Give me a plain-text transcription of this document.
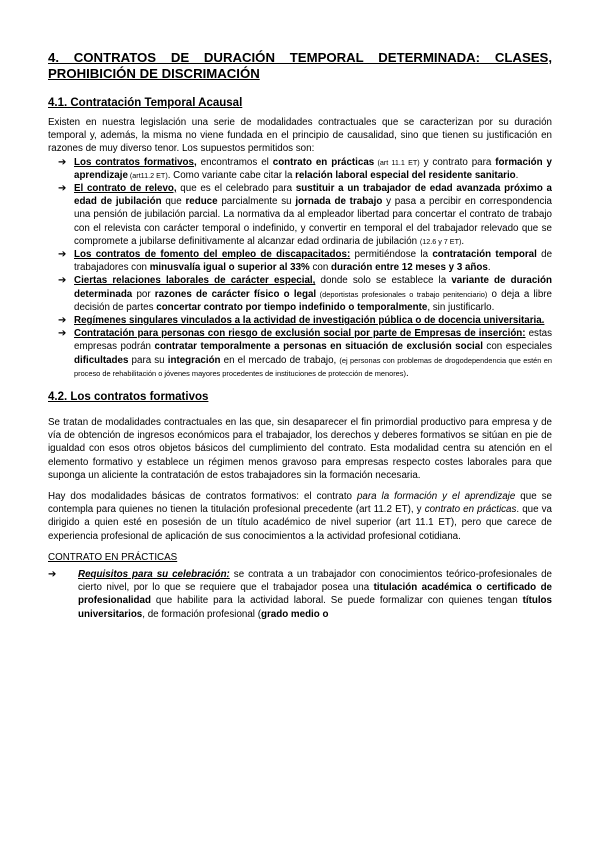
4. CONTRATOS DE DURACIÓN TEMPORAL DETERMINADA: CLASES, PROHIBICIÓN DE DISCRIMACIÓN
4.1. Contratación Temporal Acausal
Existen en nuestra legislación una serie de modalidades contractuales que se caracterizan por su duración temporal y, además, la misma no viene fundada en el principio de causalidad, sino que tienen su justificación en razones de muy diverso tenor. Los supuestos permitidos son:
➔ Los contratos formativos, encontramos el contrato en prácticas (art 11.1 ET) y contrato para formación y aprendizaje (art11.2 ET). Como variante cabe citar la relación laboral especial del residente sanitario.
➔ El contrato de relevo, que es el celebrado para sustituir a un trabajador de edad avanzada próximo a edad de jubilación que reduce parcialmente su jornada de trabajo y pasa a percibir en correspondencia una pensión de jubilación parcial. La normativa da al empleador libertad para concertar el contrato de trabajo con el relevista con carácter temporal o indefinido, y convertir en temporal el del trabajador relevado que se compromete a jubilarse definitivamente al alcanzar edad ordinaria de jubilación (12.6 y 7 ET).
➔ Los contratos de fomento del empleo de discapacitados: permitiéndose la contratación temporal de trabajadores con minusvalía igual o superior al 33% con duración entre 12 meses y 3 años.
➔ Ciertas relaciones laborales de carácter especial, donde solo se establece la variante de duración determinada por razones de carácter físico o legal (deportistas profesionales o trabajo penitenciario) o deja a libre decisión de partes concertar contrato por tiempo indefinido o temporalmente, sin justificarlo.
➔ Regímenes singulares vinculados a la actividad de investigación pública o de docencia universitaria.
➔ Contratación para personas con riesgo de exclusión social por parte de Empresas de inserción: estas empresas podrán contratar temporalmente a personas en situación de exclusión social con especiales dificultades para su integración en el mercado de trabajo, (ej personas con problemas de drogodependencia que estén en proceso de rehabilitación o jóvenes mayores procedentes de instituciones de protección de menores).
4.2. Los contratos formativos
Se tratan de modalidades contractuales en las que, sin desaparecer el fin primordial productivo para empresa y de vía de obtención de ingresos económicos para el trabajador, los derechos y deberes formativos se sitúan en pie de igualdad con esos otros objetos básicos del cumplimiento del contrato. Esta modalidad centra su atención en el elemento formativo y establece un régimen menos gravoso para empresas respecto costes laborales para que suponga un aliciente la contratación de estos trabajadores sin la formación necesaria.
Hay dos modalidades básicas de contratos formativos: el contrato para la formación y el aprendizaje que se contempla para quienes no tienen la titulación profesional precedente (art 11.2 ET), y contrato en prácticas. que va dirigido a quien esté en posesión de un título académico de nivel superior (art 11.1 ET), pero que carece de experiencia profesional de aplicación de sus conocimientos a la actividad profesional cotidiana.
CONTRATO EN PRÁCTICAS
➔ Requisitos para su celebración: se contrata a un trabajador con conocimientos teórico-profesionales de cierto nivel, por lo que se requiere que el trabajador posea una titulación académica o certificado de profesionalidad que habilite para la actividad laboral. Se puede formalizar con quienes tengan títulos universitarios, de formación profesional (grado medio o
